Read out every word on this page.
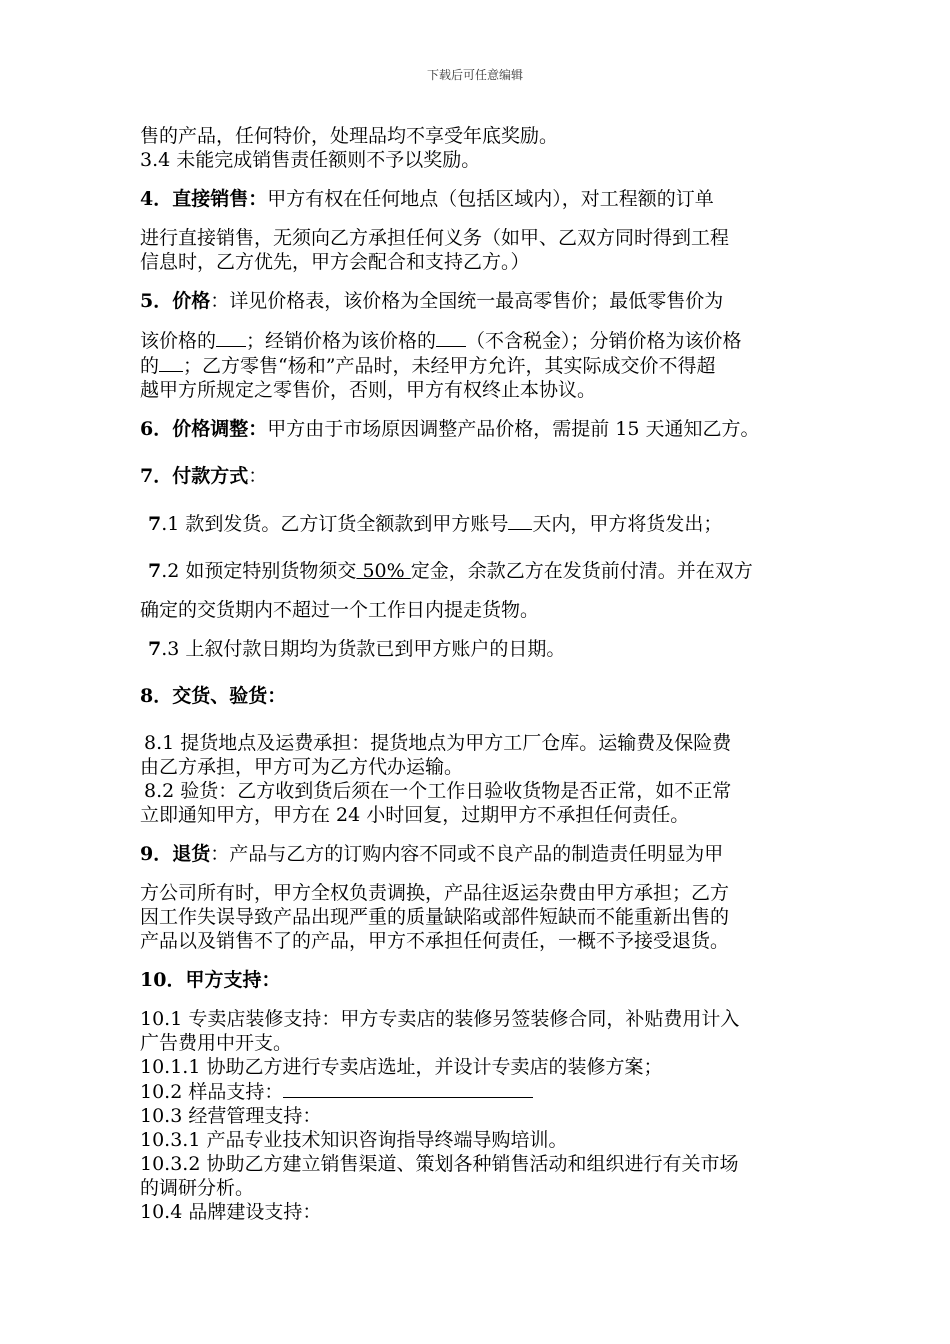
下载后可任意编辑
售的产品，任何特价，处理品均不享受年底奖励。
3.4 未能完成销售责任额则不予以奖励。
4．直接销售：甲方有权在任何地点（包括区域内），对工程额的订单
进行直接销售，无须向乙方承担任何义务（如甲、乙双方同时得到工程
信息时，乙方优先，甲方会配合和支持乙方。）
5．价格：详见价格表，该价格为全国统一最高零售价；最低零售价为
该价格的 ；经销价格为该价格的 （不含税金）；分销价格为该价格
的 ；乙方零售“杨和”产品时，未经甲方允许，其实际成交价不得超
越甲方所规定之零售价，否则，甲方有权终止本协议。
6．价格调整：甲方由于市场原因调整产品价格，需提前 15 天通知乙方。
7．付款方式：
7.1 款到发货。乙方订货全额款到甲方账号 天内，甲方将货发出；
7.2 如预定特别货物须交 50% 定金，余款乙方在发货前付清。并在双方
确定的交货期内不超过一个工作日内提走货物。
7.3 上叙付款日期均为货款已到甲方账户的日期。
8．交货、验货：
8.1 提货地点及运费承担：提货地点为甲方工厂仓库。运输费及保险费
由乙方承担，甲方可为乙方代办运输。
8.2 验货：乙方收到货后须在一个工作日验收货物是否正常，如不正常
立即通知甲方，甲方在 24 小时回复，过期甲方不承担任何责任。
9．退货：产品与乙方的订购内容不同或不良产品的制造责任明显为甲
方公司所有时，甲方全权负责调换，产品往返运杂费由甲方承担；乙方
因工作失误导致产品出现严重的质量缺陷或部件短缺而不能重新出售的
产品以及销售不了的产品，甲方不承担任何责任，一概不予接受退货。
10．甲方支持：
10.1 专卖店装修支持：甲方专卖店的装修另签装修合同，补贴费用计入
广告费用中开支。
10.1.1 协助乙方进行专卖店选址，并设计专卖店的装修方案；
10.2 样品支持：
10.3 经营管理支持：
10.3.1 产品专业技术知识咨询指导终端导购培训。
10.3.2 协助乙方建立销售渠道、策划各种销售活动和组织进行有关市场
的调研分析。
10.4 品牌建设支持：
